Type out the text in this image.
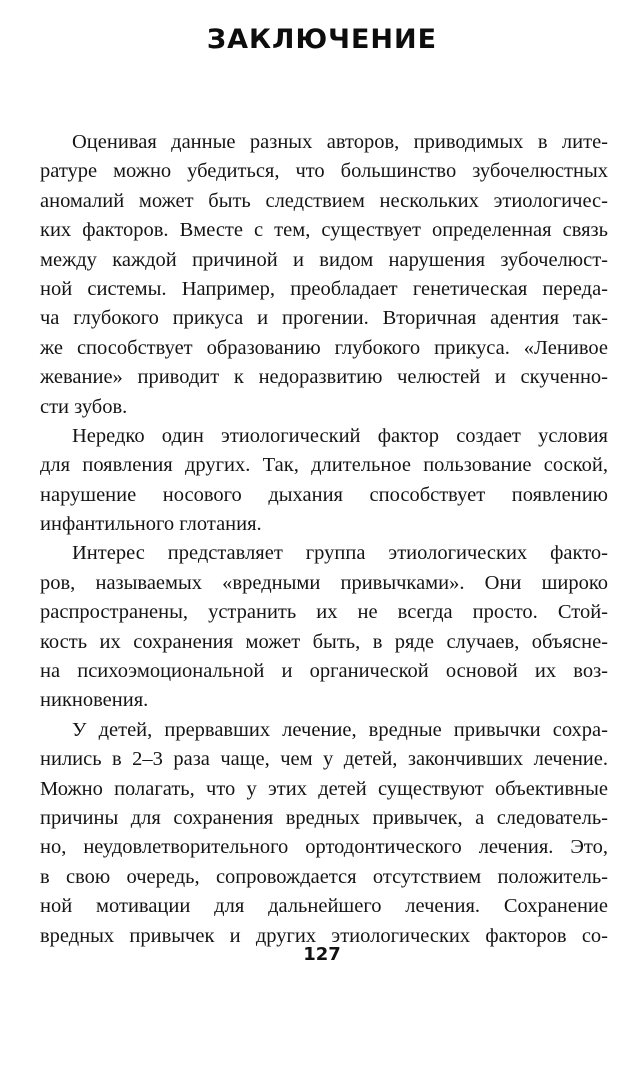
ЗАКЛЮЧЕНИЕ
Оценивая данные разных авторов, приводимых в лите-
ратуре можно убедиться, что большинство зубочелюстных
аномалий может быть следствием нескольких этиологичес-
ких факторов. Вместе с тем, существует определенная связь
между каждой причиной и видом нарушения зубочелюст-
ной системы. Например, преобладает генетическая переда-
ча глубокого прикуса и прогении. Вторичная адентия так-
же способствует образованию глубокого прикуса. «Ленивое
жевание» приводит к недоразвитию челюстей и скученно-
сти зубов.
Нередко один этиологический фактор создает условия
для появления других. Так, длительное пользование соской,
нарушение носового дыхания способствует появлению
инфантильного глотания.
Интерес представляет группа этиологических факто-
ров, называемых «вредными привычками». Они широко
распространены, устранить их не всегда просто. Стой-
кость их сохранения может быть, в ряде случаев, объясне-
на психоэмоциональной и органической основой их воз-
никновения.
У детей, прервавших лечение, вредные привычки сохра-
нились в 2–3 раза чаще, чем у детей, закончивших лечение.
Можно полагать, что у этих детей существуют объективные
причины для сохранения вредных привычек, а следователь-
но, неудовлетворительного ортодонтического лечения. Это,
в свою очередь, сопровождается отсутствием положитель-
ной мотивации для дальнейшего лечения. Сохранение
вредных привычек и других этиологических факторов со-
127
